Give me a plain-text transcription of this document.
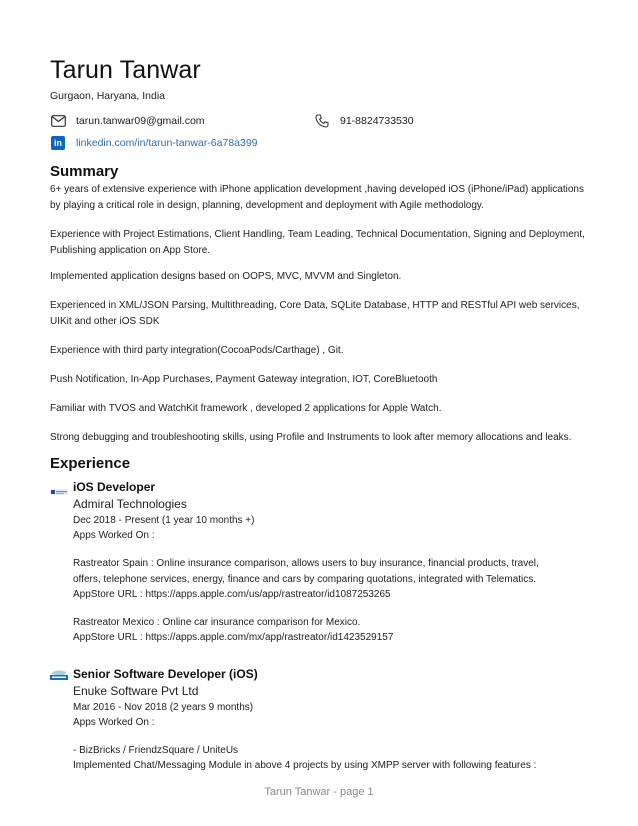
Tarun Tanwar
Gurgaon, Haryana, India
tarun.tanwar09@gmail.com	91-8824733530
in linkedin.com/in/tarun-tanwar-6a78a399
Summary

6+ years of extensive experience with iPhone application development ,having developed iOS (iPhone/iPad) applications by playing a critical role in design, planning, development and deployment with Agile methodology.

Experience with Project Estimations, Client Handling, Team Leading, Technical Documentation, Signing and Deployment, Publishing application on App Store.

Implemented application designs based on OOPS, MVC, MVVM and Singleton.

Experienced in XML/JSON Parsing, Multithreading, Core Data, SQLite Database, HTTP and RESTful API web services, UIKit and other iOS SDK

Experience with third party integration(CocoaPods/Carthage) , Git.

Push Notification, In-App Purchases, Payment Gateway integration, IOT, CoreBluetooth

Familiar with TVOS and WatchKit framework , developed 2 applications for Apple Watch.

Strong debugging and troubleshooting skills, using Profile and Instruments to look after memory allocations and leaks.

Experience
iOS Developer
Admiral Technologies

Dec 2018 - Present (1 year 10 months +)

Apps Worked On :

Rastreator Spain : Online insurance comparison, allows users to buy insurance, financial products, travel, offers, telephone services, energy, finance and cars by comparing quotations, integrated with Telematics.

AppStore URL : https://apps.apple.com/us/app/rastreator/id1087253265

Rastreator Mexico : Online car insurance comparison for Mexico.

AppStore URL : https://apps.apple.com/mx/app/rastreator/id1423529157

Senior Software Developer (iOS)
Enuke Software Pvt Ltd

Mar 2016 - Nov 2018 (2 years 9 months)

Apps Worked On :

- BizBricks / FriendzSquare / UniteUs

Implemented Chat/Messaging Module in above 4 projects by using XMPP server with following features :

Tarun Tanwar - page 1
